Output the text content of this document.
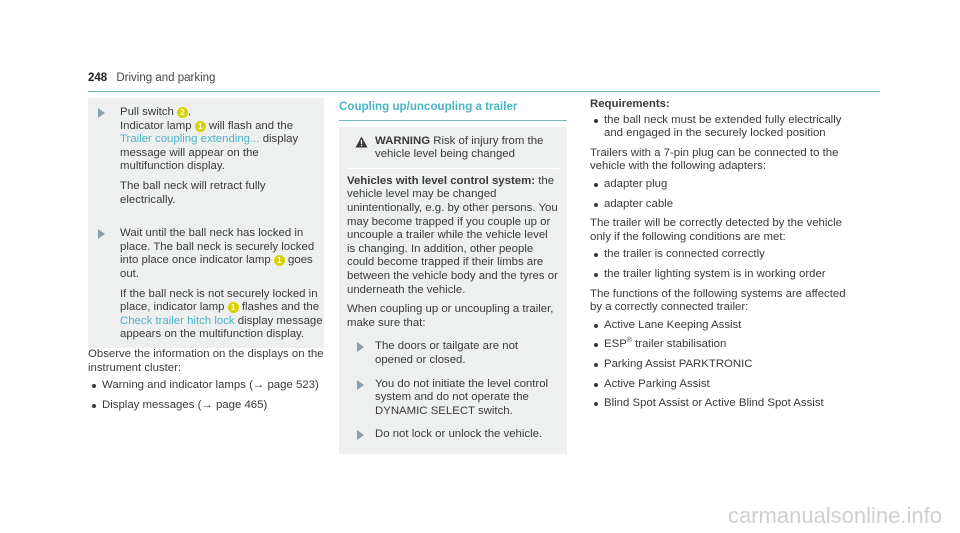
248 Driving and parking

Pull switch 2 .
Indicator lamp 1 will flash and the Trailer coupling extending... display message will appear on the multifunction display.

The ball neck will retract fully electrically.

Wait until the ball neck has locked in place. The ball neck is securely locked into place once indicator lamp 1 goes out.

If the ball neck is not securely locked in place, indicator lamp 1 flashes and the Check trailer hitch lock display message appears on the multifunction display.

Observe the information on the displays on the instrument cluster:

Warning and indicator lamps (→ page 523)
Display messages (→ page 465)
Coupling up/uncoupling a trailer
WARNING Risk of injury from the vehicle level being changed

Vehicles with level control system: the vehicle level may be changed unintentionally, e.g. by other persons. You may become trapped if you couple up or uncouple a trailer while the vehicle level is changing. In addition, other people could become trapped if their limbs are between the vehicle body and the tyres or underneath the vehicle.

When coupling up or uncoupling a trailer, make sure that:

The doors or tailgate are not opened or closed.

You do not initiate the level control system and do not operate the DYNAMIC SELECT switch.

Do not lock or unlock the vehicle.

Requirements:

the ball neck must be extended fully electrically and engaged in the securely locked position

Trailers with a 7-pin plug can be connected to the vehicle with the following adapters:

adapter plug
adapter cable

The trailer will be correctly detected by the vehicle only if the following conditions are met:

the trailer is connected correctly
the trailer lighting system is in working order

The functions of the following systems are affected by a correctly connected trailer:

Active Lane Keeping Assist
ESP® trailer stabilisation
Parking Assist PARKTRONIC
Active Parking Assist
Blind Spot Assist or Active Blind Spot Assist
carmanualsonline.info
